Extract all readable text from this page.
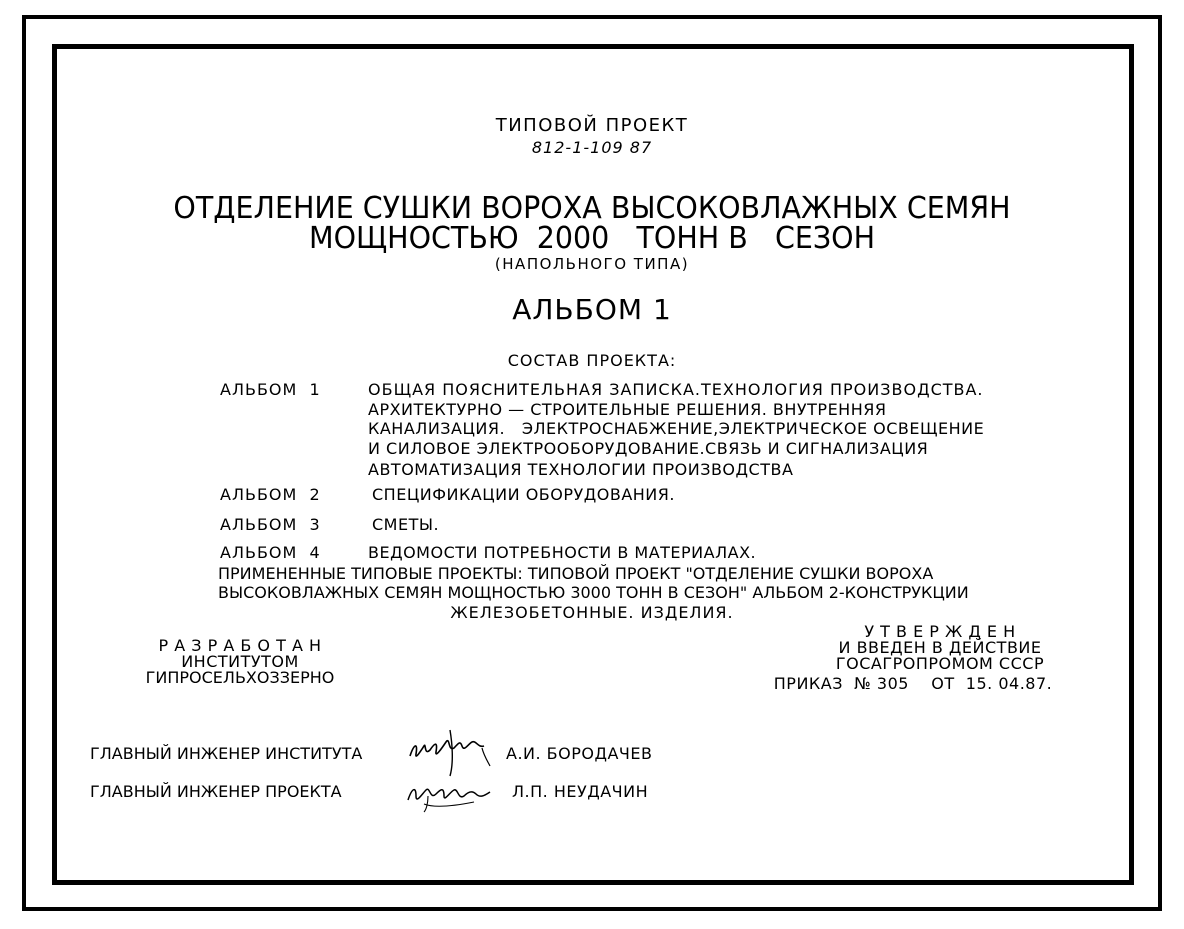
ТИПОВОЙ ПРОЕКТ
812-1-109 87
ОТДЕЛЕНИЕ СУШКИ ВОРОХА ВЫСОКОВЛАЖНЫХ СЕМЯН
МОЩНОСТЬЮ  2000   ТОНН В   СЕЗОН
(НАПОЛЬНОГО ТИПА)
АЛЬБОМ 1
СОСТАВ ПРОЕКТА:
АЛЬБОМ  1	ОБЩАЯ ПОЯСНИТЕЛЬНАЯ ЗАПИСКА.ТЕХНОЛОГИЯ ПРОИЗВОДСТВА.
АРХИТЕКТУРНО — СТРОИТЕЛЬНЫЕ РЕШЕНИЯ. ВНУТРЕННЯЯ
КАНАЛИЗАЦИЯ.   ЭЛЕКТРОСНАБЖЕНИЕ,ЭЛЕКТРИЧЕСКОЕ ОСВЕЩЕНИЕ
И СИЛОВОЕ ЭЛЕКТРООБОРУДОВАНИЕ.СВЯЗЬ И СИГНАЛИЗАЦИЯ
АВТОМАТИЗАЦИЯ ТЕХНОЛОГИИ ПРОИЗВОДСТВА
АЛЬБОМ  2	СПЕЦИФИКАЦИИ ОБОРУДОВАНИЯ.
АЛЬБОМ  3	СМЕТЫ.
АЛЬБОМ  4	ВЕДОМОСТИ ПОТРЕБНОСТИ В МАТЕРИАЛАХ.
ПРИМЕНЕННЫЕ ТИПОВЫЕ ПРОЕКТЫ: ТИПОВОЙ ПРОЕКТ "ОТДЕЛЕНИЕ СУШКИ ВОРОХА
ВЫСОКОВЛАЖНЫХ СЕМЯН МОЩНОСТЬЮ 3000 ТОНН В СЕЗОН" АЛЬБОМ 2-КОНСТРУКЦИИ
ЖЕЛЕЗОБЕТОННЫЕ. ИЗДЕЛИЯ.
Р А З Р А Б О Т А Н
ИНСТИТУТОМ
ГИПРОСЕЛЬХОЗЗЕРНО
У Т В Е Р Ж Д Е Н
И ВВЕДЕН В ДЕЙСТВИЕ
ГОСАГРОПРОМОМ СССР
ПРИКАЗ  № 305    ОТ  15. 04.87.
ГЛАВНЫЙ ИНЖЕНЕР ИНСТИТУТА	А.И. БОРОДАЧЕВ
ГЛАВНЫЙ ИНЖЕНЕР ПРОЕКТА	Л.П. НЕУДАЧИН
